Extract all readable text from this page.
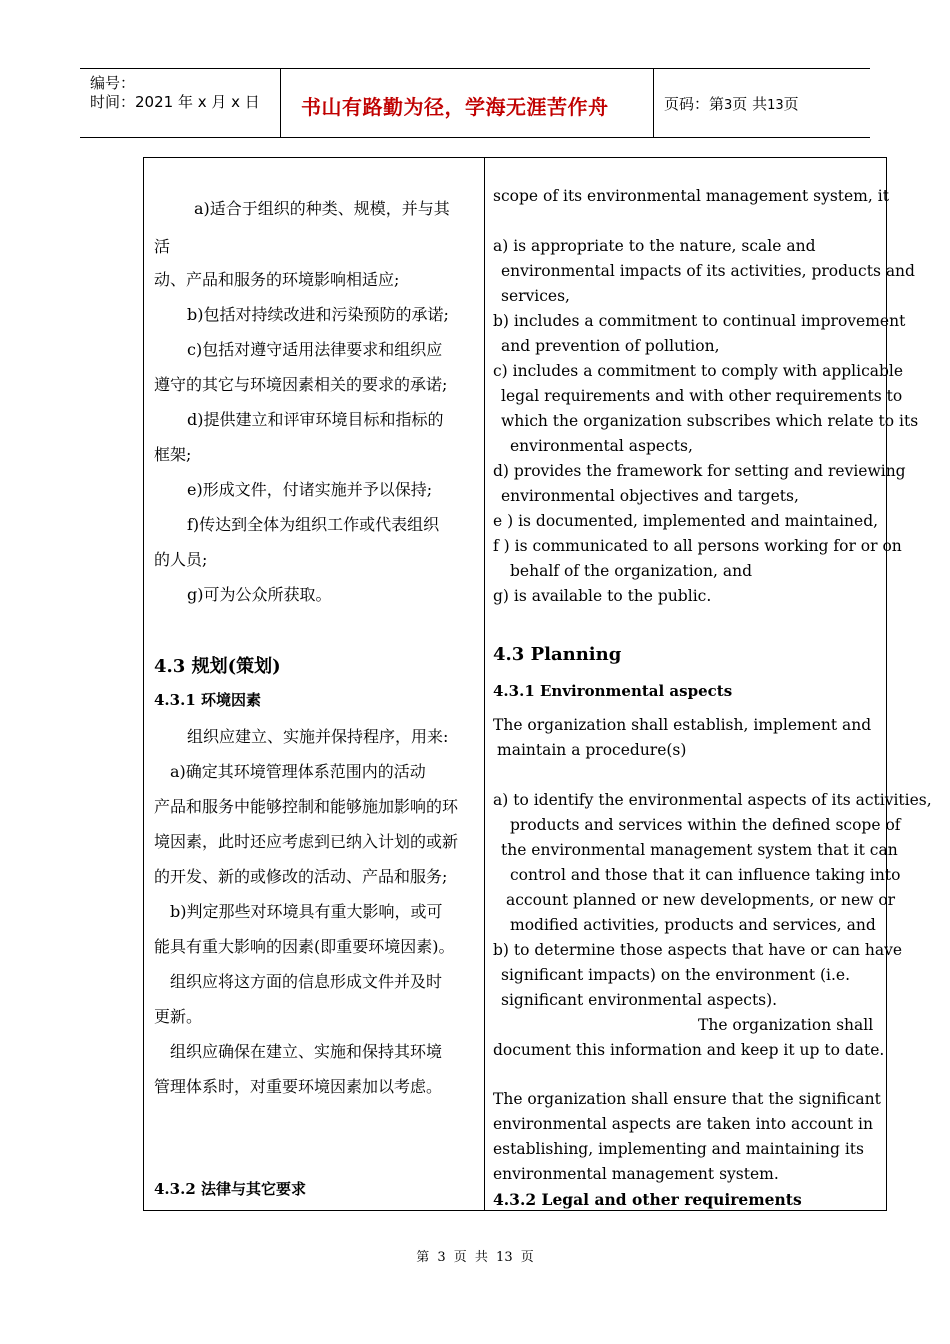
编号：
时间：2021 年 x 月 x 日 书山有路勤为径，学海无涯苦作舟	页码：第3页 共13页
a)适合于组织的种类、规模，并与其
活
动、产品和服务的环境影响相适应;
b)包括对持续改进和污染预防的承诺;
c)包括对遵守适用法律要求和组织应
遵守的其它与环境因素相关的要求的承诺;
d)提供建立和评审环境目标和指标的
框架;
e)形成文件，付诸实施并予以保持;
f)传达到全体为组织工作或代表组织
的人员;
g)可为公众所获取。
4.3 规划(策划)
4.3.1 环境因素
组织应建立、实施并保持程序，用来:
a)确定其环境管理体系范围内的活动
产品和服务中能够控制和能够施加影响的环
境因素，此时还应考虑到已纳入计划的或新
的开发、新的或修改的活动、产品和服务;
b)判定那些对环境具有重大影响，或可
能具有重大影响的因素(即重要环境因素)。
组织应将这方面的信息形成文件并及时
更新。
组织应确保在建立、实施和保持其环境
管理体系时，对重要环境因素加以考虑。
4.3.2 法律与其它要求
scope of its environmental management system, it
a) is appropriate to the nature, scale and
environmental impacts of its activities, products and
services,
b) includes a commitment to continual improvement
and prevention of pollution,
c) includes a commitment to comply with applicable
legal requirements and with other requirements to
which the organization subscribes which relate to its
environmental aspects,
d) provides the framework for setting and reviewing
environmental objectives and targets,
e ) is documented, implemented and maintained,
f ) is communicated to all persons working for or on
behalf of the organization, and
g) is available to the public.
4.3 Planning
4.3.1 Environmental aspects
The organization shall establish, implement and
maintain a procedure(s)
a) to identify the environmental aspects of its activities,
products and services within the defined scope of
the environmental management system that it can
control and those that it can influence taking into
account planned or new developments, or new or
modified activities, products and services, and
b) to determine those aspects that have or can have
significant impacts) on the environment (i.e.
significant environmental aspects).
The organization shall
document this information and keep it up to date.
The organization shall ensure that the significant
environmental aspects are taken into account in
establishing, implementing and maintaining its
environmental management system.
4.3.2 Legal and other requirements
第 3 页 共 13 页
